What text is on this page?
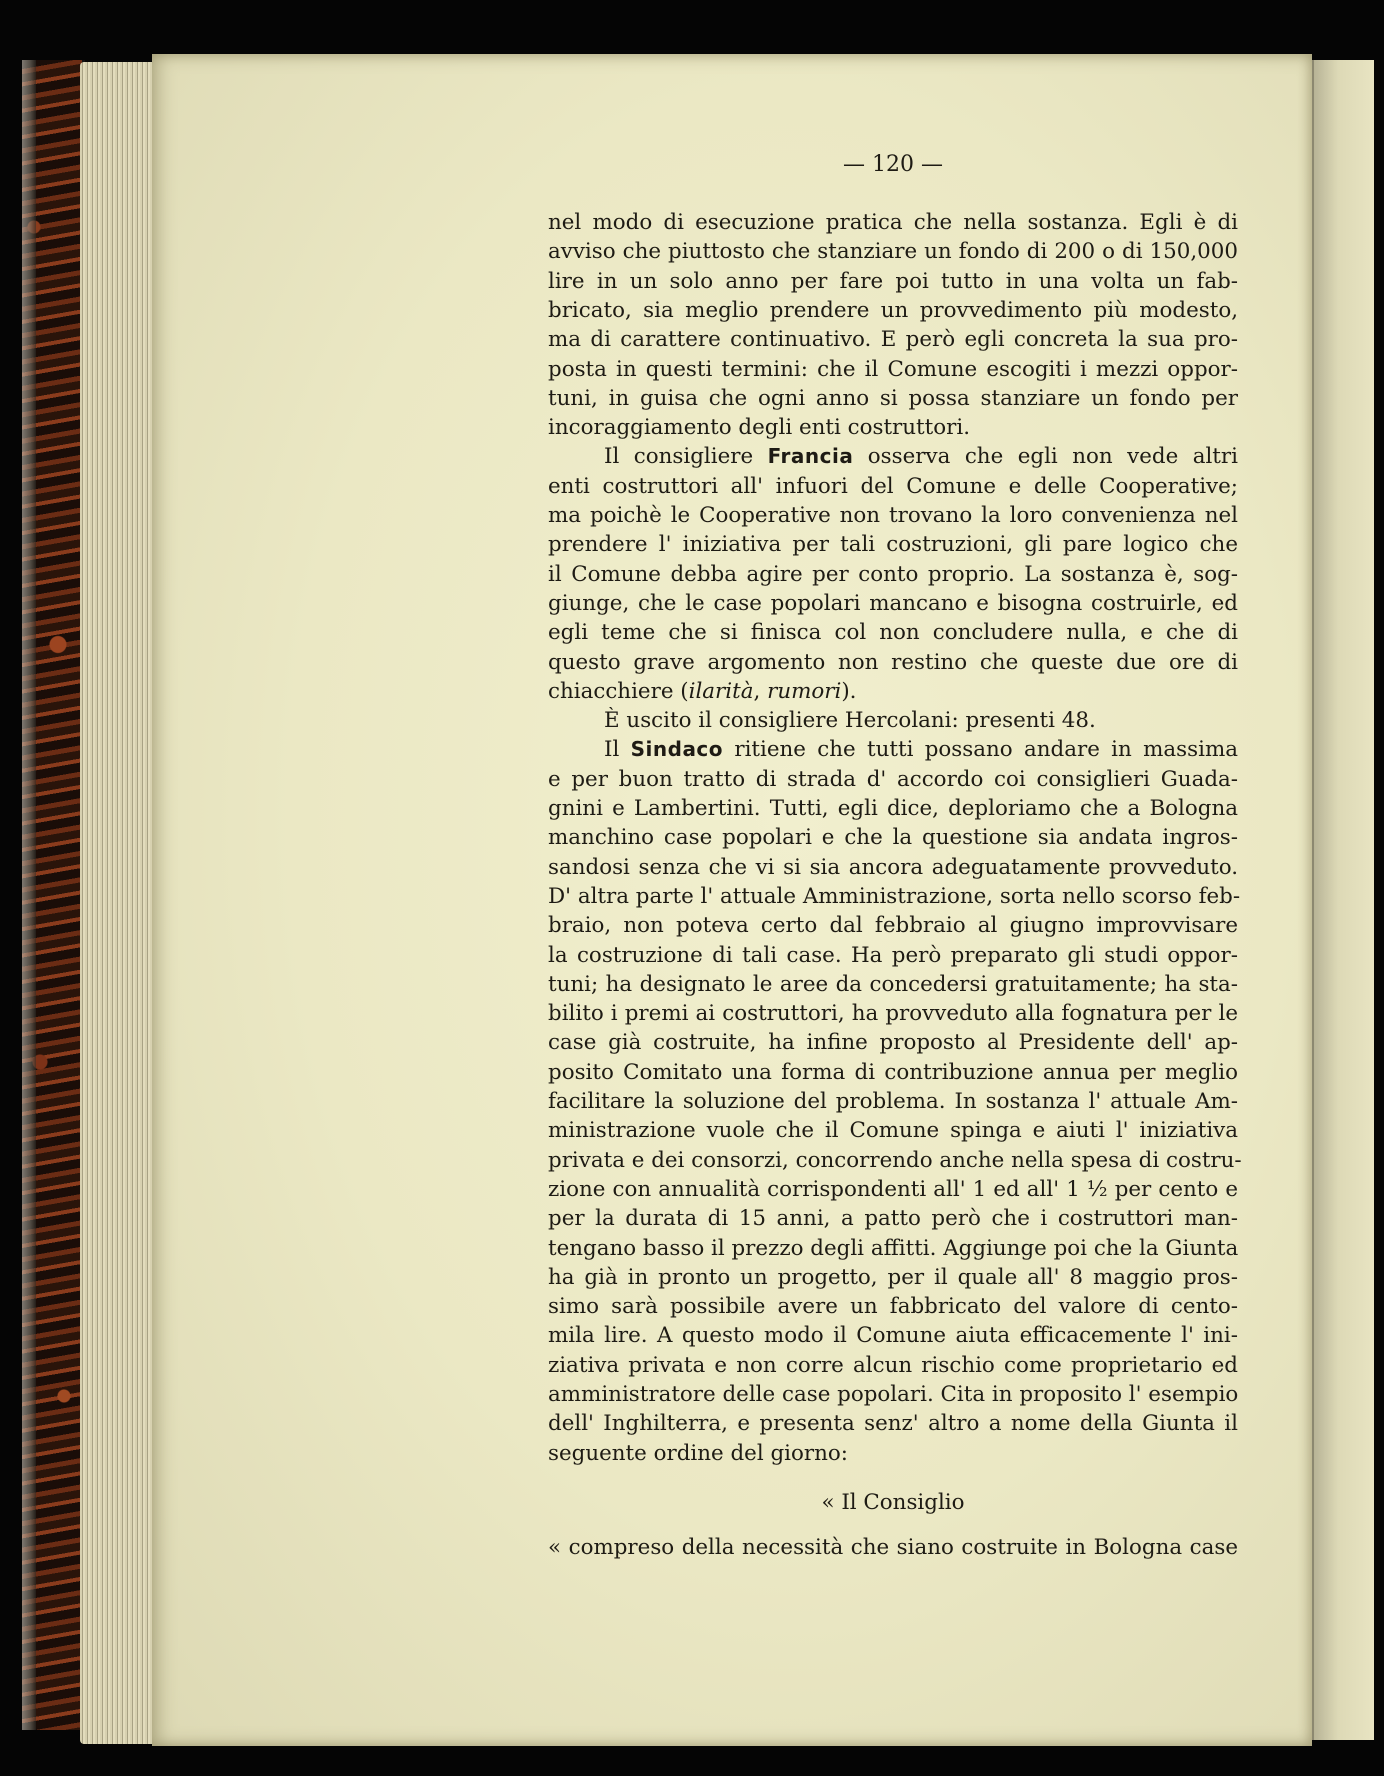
— 120 —
nel modo di esecuzione pratica che nella sostanza. Egli è di
avviso che piuttosto che stanziare un fondo di 200 o di 150,000
lire in un solo anno per fare poi tutto in una volta un fab-
bricato, sia meglio prendere un provvedimento più modesto,
ma di carattere continuativo. E però egli concreta la sua pro-
posta in questi termini: che il Comune escogiti i mezzi oppor-
tuni, in guisa che ogni anno si possa stanziare un fondo per
incoraggiamento degli enti costruttori.
Il consigliere Francia osserva che egli non vede altri
enti costruttori all' infuori del Comune e delle Cooperative;
ma poichè le Cooperative non trovano la loro convenienza nel
prendere l' iniziativa per tali costruzioni, gli pare logico che
il Comune debba agire per conto proprio. La sostanza è, sog-
giunge, che le case popolari mancano e bisogna costruirle, ed
egli teme che si finisca col non concludere nulla, e che di
questo grave argomento non restino che queste due ore di
chiacchiere (ilarità, rumori).
È uscito il consigliere Hercolani: presenti 48.
Il Sindaco ritiene che tutti possano andare in massima
e per buon tratto di strada d' accordo coi consiglieri Guada-
gnini e Lambertini. Tutti, egli dice, deploriamo che a Bologna
manchino case popolari e che la questione sia andata ingros-
sandosi senza che vi si sia ancora adeguatamente provveduto.
D' altra parte l' attuale Amministrazione, sorta nello scorso feb-
braio, non poteva certo dal febbraio al giugno improvvisare
la costruzione di tali case. Ha però preparato gli studi oppor-
tuni; ha designato le aree da concedersi gratuitamente; ha sta-
bilito i premi ai costruttori, ha provveduto alla fognatura per le
case già costruite, ha infine proposto al Presidente dell' ap-
posito Comitato una forma di contribuzione annua per meglio
facilitare la soluzione del problema. In sostanza l' attuale Am-
ministrazione vuole che il Comune spinga e aiuti l' iniziativa
privata e dei consorzi, concorrendo anche nella spesa di costru-
zione con annualità corrispondenti all' 1 ed all' 1 ½ per cento e
per la durata di 15 anni, a patto però che i costruttori man-
tengano basso il prezzo degli affitti. Aggiunge poi che la Giunta
ha già in pronto un progetto, per il quale all' 8 maggio pros-
simo sarà possibile avere un fabbricato del valore di cento-
mila lire. A questo modo il Comune aiuta efficacemente l' ini-
ziativa privata e non corre alcun rischio come proprietario ed
amministratore delle case popolari. Cita in proposito l' esempio
dell' Inghilterra, e presenta senz' altro a nome della Giunta il
seguente ordine del giorno:
« Il Consiglio
« compreso della necessità che siano costruite in Bologna case
